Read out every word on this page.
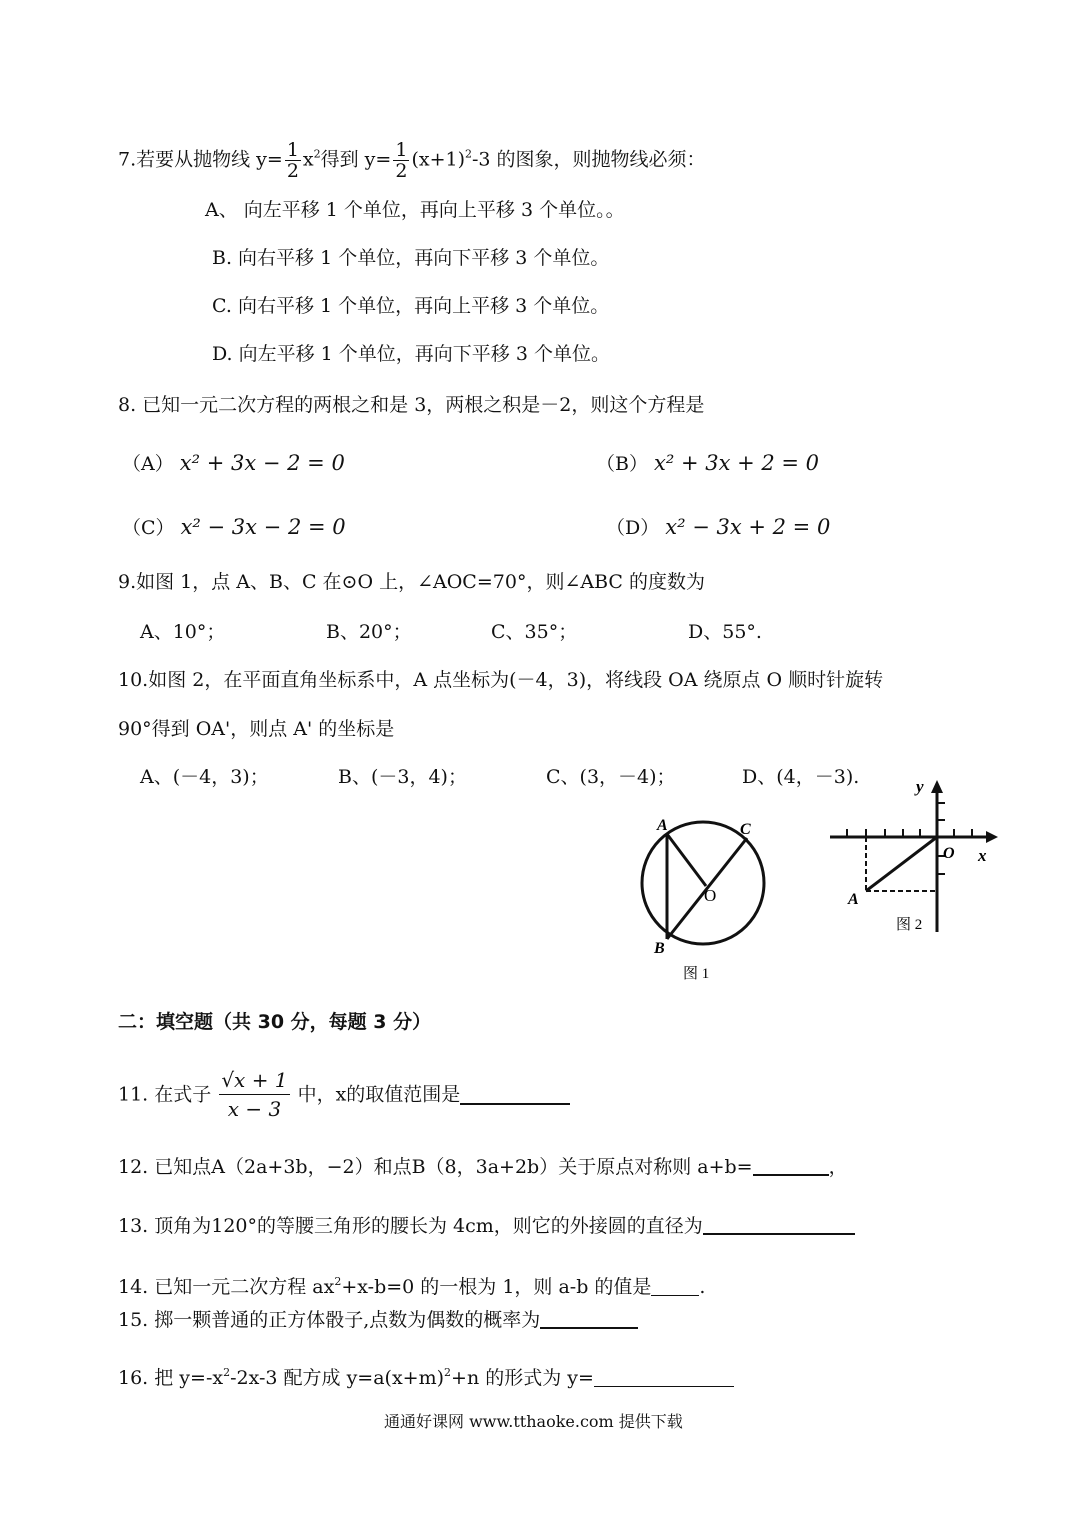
7.若要从抛物线 $y= \frac{1}{2} x^2$得到 $y= \frac{1}{2} (x+1)^2-3$ 的图象，则抛物线必须：
A、 向左平移 1 个单位，再向上平移 3 个单位。。
B. 向右平移 1 个单位，再向下平移 3 个单位。
C. 向右平移 1 个单位，再向上平移 3 个单位。
D. 向左平移 1 个单位，再向下平移 3 个单位。
8. 已知一元二次方程的两根之和是 3，两根之积是－2，则这个方程是
（A） x² + 3x − 2 = 0	（B） x² + 3x + 2 = 0
（C） x² − 3x − 2 = 0	（D） x² − 3x + 2 = 0
9.如图 1，点 A、B、C 在⊙O 上，∠AOC=70°，则∠ABC 的度数为
A、10°；	B、20°；	C、35°；	D、55°.
10.如图 2，在平面直角坐标系中，A 点坐标为(－4，3)，将线段 OA 绕原点 O 顺时针旋转
90°得到 OA'，则点 A' 的坐标是
A、(－4，3)；	B、(－3，4)；	C、(3，－4)；	D、(4，－3).
A	C
O
B
图 1
y
x
O
A
图 2
二：填空题（共 30 分，每题 3 分）
11. 在式子 $\frac{√x + 1}{x - 3}$ 中，x的取值范围是
12. 已知点A（2a+3b，−2）和点B（8，3a+2b）关于原点对称则 a+b=	，
13. 顶角为120°的等腰三角形的腰长为 4cm，则它的外接圆的直径为
14. 已知一元二次方程 $ax^2+x-b=0$ 的一根为 1，则 a-b 的值是	.
15. 掷一颗普通的正方体骰子,点数为偶数的概率为
16. 把 $y=-x^2-2x-3$ 配方成 $y=a(x+m)^2+n$ 的形式为 y=
通通好课网 www.tthaoke.com 提供下载
